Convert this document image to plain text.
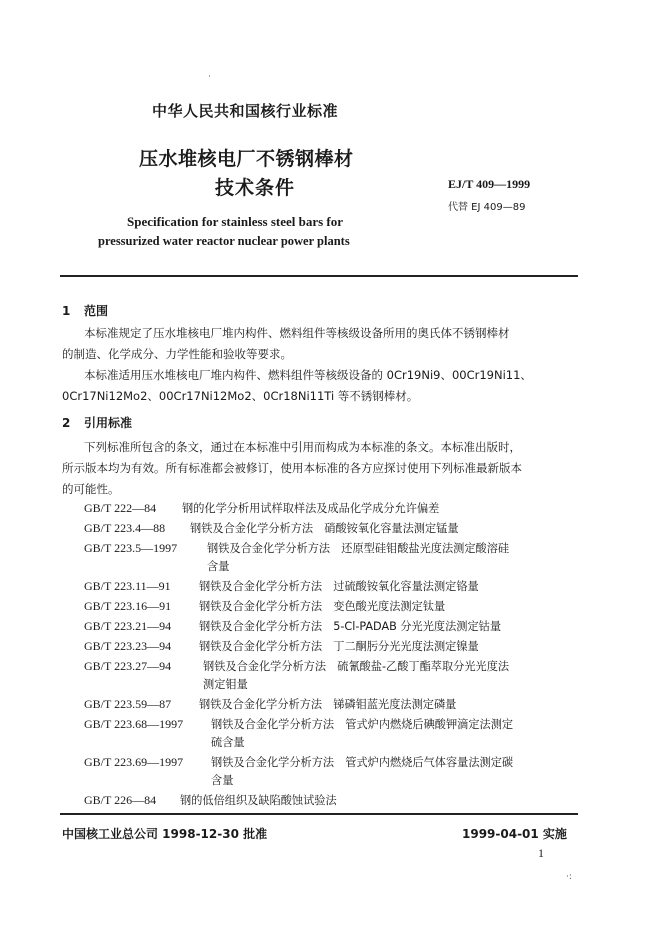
·
中华人民共和国核行业标准
压水堆核电厂不锈钢棒材
技术条件	EJ/T 409—1999
代替 EJ 409—89
Specification for stainless steel bars for
pressurized water reactor nuclear power plants
1 范围
本标准规定了压水堆核电厂堆内构件、燃料组件等核级设备所用的奥氏体不锈钢棒材
的制造、化学成分、力学性能和验收等要求。
本标准适用压水堆核电厂堆内构件、燃料组件等核级设备的 0Cr19Ni9、00Cr19Ni11、
0Cr17Ni12Mo2、00Cr17Ni12Mo2、0Cr18Ni11Ti 等不锈钢棒材。
2 引用标准
下列标准所包含的条文，通过在本标准中引用而构成为本标准的条文。本标准出版时，
所示版本均为有效。所有标准都会被修订，使用本标准的各方应探讨使用下列标准最新版本
的可能性。
GB/T 222—84 钢的化学分析用试样取样法及成品化学成分允许偏差
GB/T 223.4—88 钢铁及合金化学分析方法　硝酸铵氧化容量法测定锰量
GB/T 223.5—1997	钢铁及合金化学分析方法　还原型硅钼酸盐光度法测定酸溶硅
含量
GB/T 223.11—91	钢铁及合金化学分析方法　过硫酸铵氧化容量法测定铬量
GB/T 223.16—91 钢铁及合金化学分析方法　变色酸光度法测定钛量
GB/T 223.21—94 钢铁及合金化学分析方法　5-Cl-PADAB 分光光度法测定钴量
GB/T 223.23—94 钢铁及合金化学分析方法　丁二酮肟分光光度法测定镍量
GB/T 223.27—94	钢铁及合金化学分析方法　硫氰酸盐-乙酸丁酯萃取分光光度法
测定钼量
GB/T 223.59—87 钢铁及合金化学分析方法　锑磷钼蓝光度法测定磷量
GB/T 223.68—1997 钢铁及合金化学分析方法　管式炉内燃烧后碘酸钾滴定法测定
硫含量
GB/T 223.69—1997 钢铁及合金化学分析方法　管式炉内燃烧后气体容量法测定碳
含量
GB/T 226—84 钢的低倍组织及缺陷酸蚀试验法
中国核工业总公司 1998-12-30 批准	1999-04-01 实施
1
·:
